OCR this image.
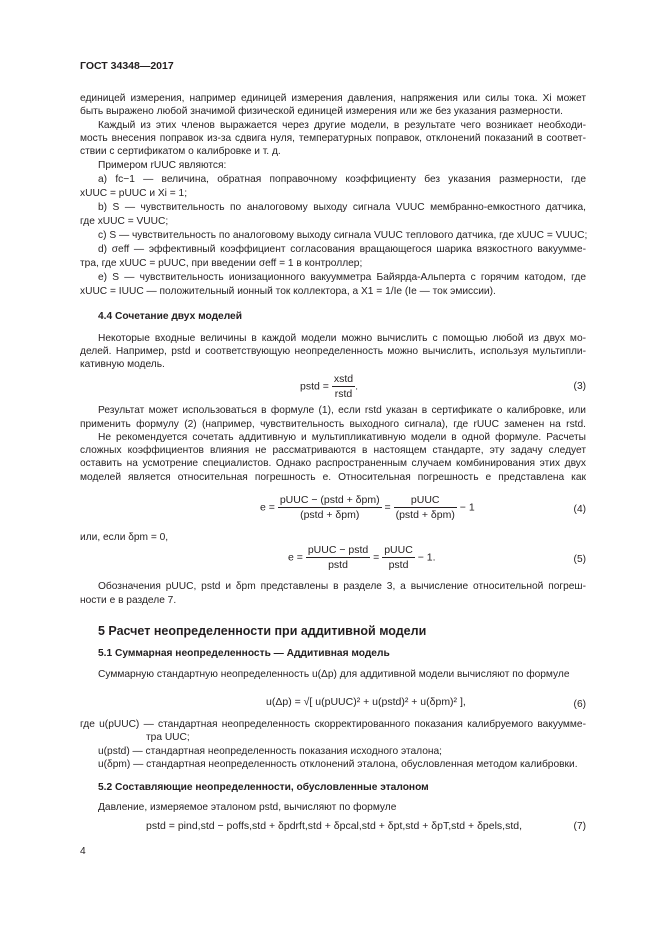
ГОСТ 34348—2017
единицей измерения, например единицей измерения давления, напряжения или силы тока. Xi может
быть выражено любой значимой физической единицей измерения или же без указания размерности.
Каждый из этих членов выражается через другие модели, в результате чего возникает необходи-
мость внесения поправок из-за сдвига нуля, температурных поправок, отклонений показаний в соответ-
ствии с сертификатом о калибровке и т. д.
Примером rUUC являются:
a) fc−1 — величина, обратная поправочному коэффициенту без указания размерности, где
xUUC = pUUC и Xi = 1;
b) S — чувствительность по аналоговому выходу сигнала VUUC мембранно-емкостного датчика,
где xUUC = VUUC;
c) S — чувствительность по аналоговому выходу сигнала VUUC теплового датчика, где xUUC = VUUC;
d) σeff — эффективный коэффициент согласования вращающегося шарика вязкостного вакуумме-
тра, где xUUC = pUUC, при введении σeff = 1 в контроллер;
e) S — чувствительность ионизационного вакуумметра Байярда-Альперта с горячим катодом, где
xUUC = IUUC — положительный ионный ток коллектора, а X1 = 1/Ie (Ie — ток эмиссии).
4.4 Сочетание двух моделей
Некоторые входные величины в каждой модели можно вычислить с помощью любой из двух мо-
делей. Например, pstd и соответствующую неопределенность можно вычислить, используя мультипли-
кативную модель.
pstd = $\frac{\text{xstd}}{\text{rstd}}$ .	(3)
Результат может использоваться в формуле (1), если rstd указан в сертификате о калибровке, или
применить формулу (2) (например, чувствительность выходного сигнала), где rUUC заменен на rstd.
Не рекомендуется сочетать аддитивную и мультипликативную модели в одной формуле. Расчеты
сложных коэффициентов влияния не рассматриваются в настоящем стандарте, эту задачу следует
оставить на усмотрение специалистов. Однако распространенным случаем комбинирования этих двух
моделей является относительная погрешность e. Относительная погрешность e представлена как
$e = \frac{\text{pUUC − (pstd + δpm)}}{\text{(pstd + δpm)}} = \frac{\text{pUUC}}{\text{(pstd + δpm)}} - 1$	(4)
или, если δpm = 0,
$e = \frac{\text{pUUC − pstd}}{\text{pstd}} = \frac{\text{pUUC}}{\text{pstd}} - 1$.	(5)
Обозначения pUUC, pstd и δpm представлены в разделе 3, а вычисление относительной погреш-
ности e в разделе 7.
5 Расчет неопределенности при аддитивной модели
5.1 Суммарная неопределенность — Аддитивная модель
Суммарную стандартную неопределенность u(Δp) для аддитивной модели вычисляют по формуле
u(Δp) = √[ u(pUUC)² + u(pstd)² + u(δpm)² ],	(6)
где u(pUUC) — стандартная неопределенность скорректированного показания калибруемого вакуумме-
тра UUC;
u(pstd) — стандартная неопределенность показания исходного эталона;
u(δpm) — стандартная неопределенность отклонений эталона, обусловленная методом калибровки.
5.2 Составляющие неопределенности, обусловленные эталоном
Давление, измеряемое эталоном pstd, вычисляют по формуле
pstd = pind,std − poffs,std + δpdrft,std + δpcal,std + δpt,std + δpT,std + δpels,std,	(7)
4
